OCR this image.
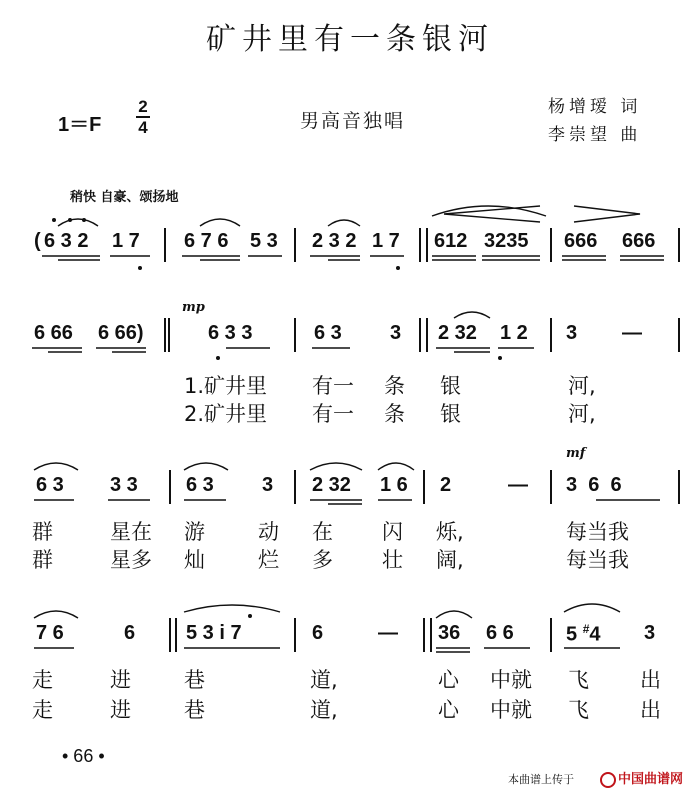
矿井里有一条银河
1＝F
2
4	男高音独唱
杨增瑷 词
李崇望 曲
稍快 自豪、颂扬地
mp
mf
( 6 3 2 1 7 6 7 6 5 3 2 3 2 1 7 612 3235 666 666
6 66 6 66)	6 3 3	6 3 3 2 32 1 2 3 —
1.矿井里 有一 条 银	河,
2.矿井里 有一 条 银	河,
6 3 3 3 6 3 3 2 32 1 6 2	— 3  6  6
群	星在 游	动 在 闪 烁,	每当我
群	星多 灿	烂 多 壮 阔,	每当我
7 6	6	5 3 i 7	6	— 36 6 6	5 #4 3
走	进	巷	道,	心 中就 飞 出
走	进	巷	道,	心 中就 飞 出
• 66 •
本曲谱上传于	中国曲谱网
